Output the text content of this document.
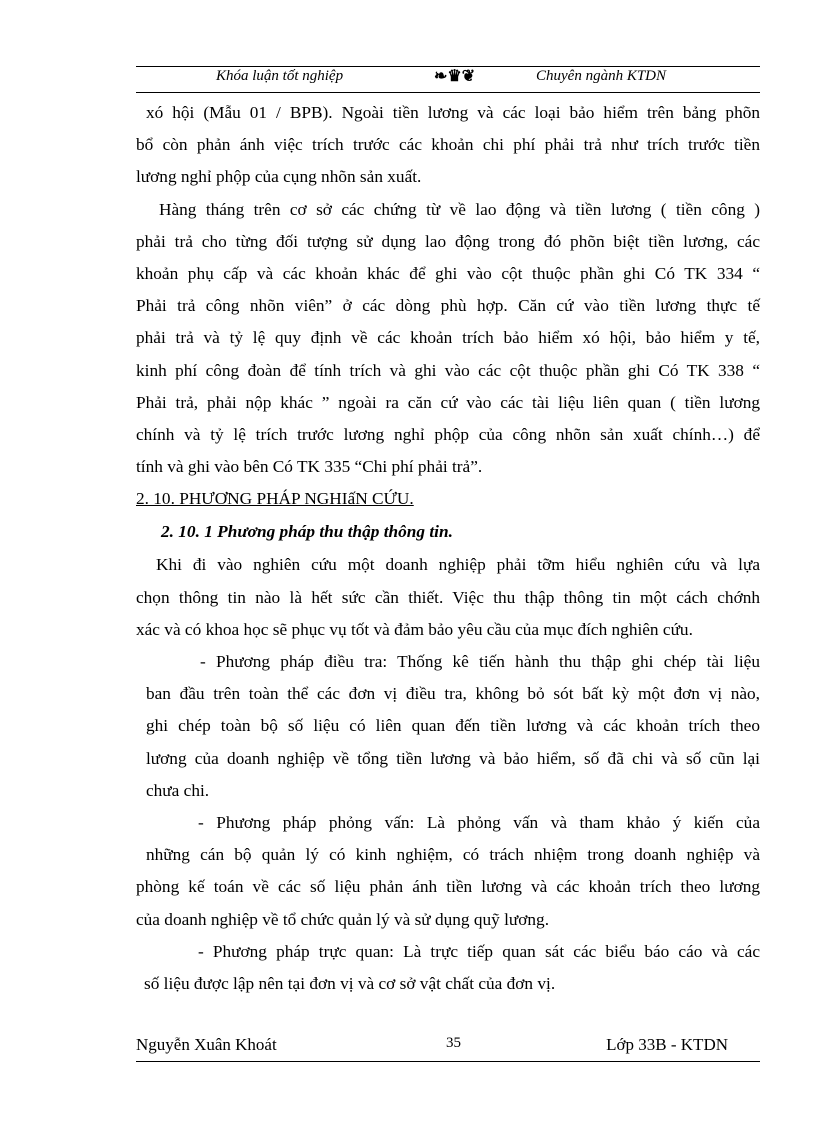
Khóa luận tốt nghiệp	❧♛❦	Chuyên ngành KTDN
xó hội (Mẫu 01 / BPB). Ngoài tiền lương và các loại bảo hiểm trên bảng phõn
bổ còn phản ánh việc trích trước các khoản chi phí phải trả như trích trước tiền
lương nghỉ phộp của cụng nhõn sản xuất.
Hàng tháng trên cơ sở các chứng từ về lao động và tiền lương ( tiền công )
phải trả cho từng đối tượng sử dụng lao động trong đó phõn biệt tiền lương, các
khoản phụ cấp và các khoản khác để ghi vào cột thuộc phần ghi Có TK 334 “
Phải trả công nhõn viên” ở các dòng phù hợp. Căn cứ vào tiền lương thực tế
phải trả và tỷ lệ quy định về các khoản trích bảo hiểm xó hội, bảo hiểm y tế,
kinh phí công đoàn để tính trích và ghi vào các cột thuộc phần ghi Có TK 338 “
Phải trả, phải nộp khác ” ngoài ra căn cứ vào các tài liệu liên quan ( tiền lương
chính và tỷ lệ trích trước lương nghỉ phộp của công nhõn sản xuất chính…) để
tính và ghi vào bên Có TK 335 “Chi phí phải trả”.
2. 10. PHƯƠNG PHÁP NGHIấN CỨU.
2. 10. 1 Phương pháp thu thập thông tin.
Khi đi vào nghiên cứu một doanh nghiệp phải tỡm hiểu nghiên cứu và lựa
chọn thông tin nào là hết sức cần thiết. Việc thu thập thông tin một cách chớnh
xác và có khoa học sẽ phục vụ tốt và đảm bảo yêu cầu của mục đích nghiên cứu.
- Phương pháp điều tra: Thống kê tiến hành thu thập ghi chép tài liệu
ban đầu trên toàn thể các đơn vị điều tra, không bỏ sót bất kỳ một đơn vị nào,
ghi chép toàn bộ số liệu có liên quan đến tiền lương và các khoản trích theo
lương của doanh nghiệp về tổng tiền lương và bảo hiểm, số đã chi và số cũn lại
chưa chi.
- Phương pháp phỏng vấn: Là phỏng vấn và tham khảo ý kiến của
những cán bộ quản lý có kinh nghiệm, có trách nhiệm trong doanh nghiệp và
phòng kế toán về các số liệu phản ánh tiền lương và các khoản trích theo lương
của doanh nghiệp về tổ chức quản lý và sử dụng quỹ lương.
- Phương pháp trực quan: Là trực tiếp quan sát các biểu báo cáo và các
số liệu được lập nên tại đơn vị và cơ sở vật chất của đơn vị.
Nguyễn Xuân Khoát	35	Lớp 33B - KTDN
